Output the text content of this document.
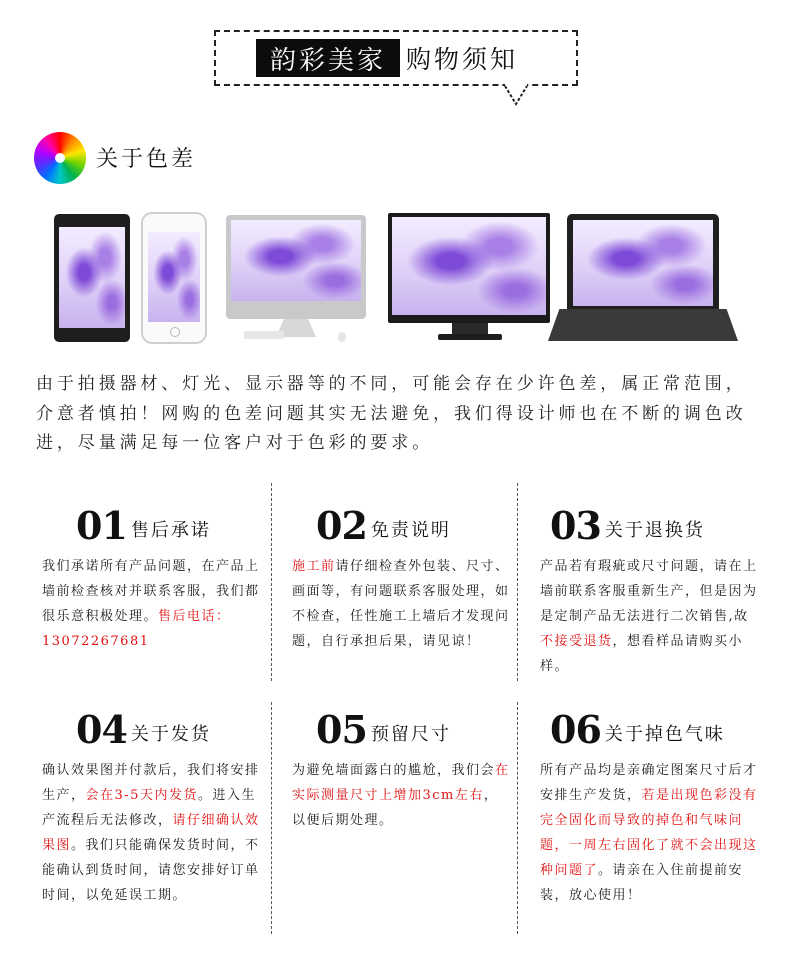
韵彩美家 购物须知
关于色差

由于拍摄器材、灯光、显示器等的不同，可能会存在少许色差，属正常范围，介意者慎拍！网购的色差问题其实无法避免，我们得设计师也在不断的调色改进，尽量满足每一位客户对于色彩的要求。

01 售后承诺

我们承诺所有产品问题，在产品上墙前检查核对并联系客服，我们都很乐意积极处理。售后电话：13072267681

02 免责说明

施工前请仔细检查外包装、尺寸、画面等，有问题联系客服处理，如不检查，任性施工上墙后才发现问题，自行承担后果，请见谅！

03 关于退换货

产品若有瑕疵或尺寸问题，请在上墙前联系客服重新生产，但是因为是定制产品无法进行二次销售,故不接受退货，想看样品请购买小样。

04 关于发货

确认效果图并付款后，我们将安排生产，会在3-5天内发货。进入生产流程后无法修改，请仔细确认效果图。我们只能确保发货时间，不能确认到货时间，请您安排好订单时间，以免延误工期。

05 预留尺寸

为避免墙面露白的尴尬，我们会在实际测量尺寸上增加3cm左右，以便后期处理。

06 关于掉色气味

所有产品均是亲确定图案尺寸后才安排生产发货，若是出现色彩没有完全固化而导致的掉色和气味问题，一周左右固化了就不会出现这种问题了。请亲在入住前提前安装，放心使用！
